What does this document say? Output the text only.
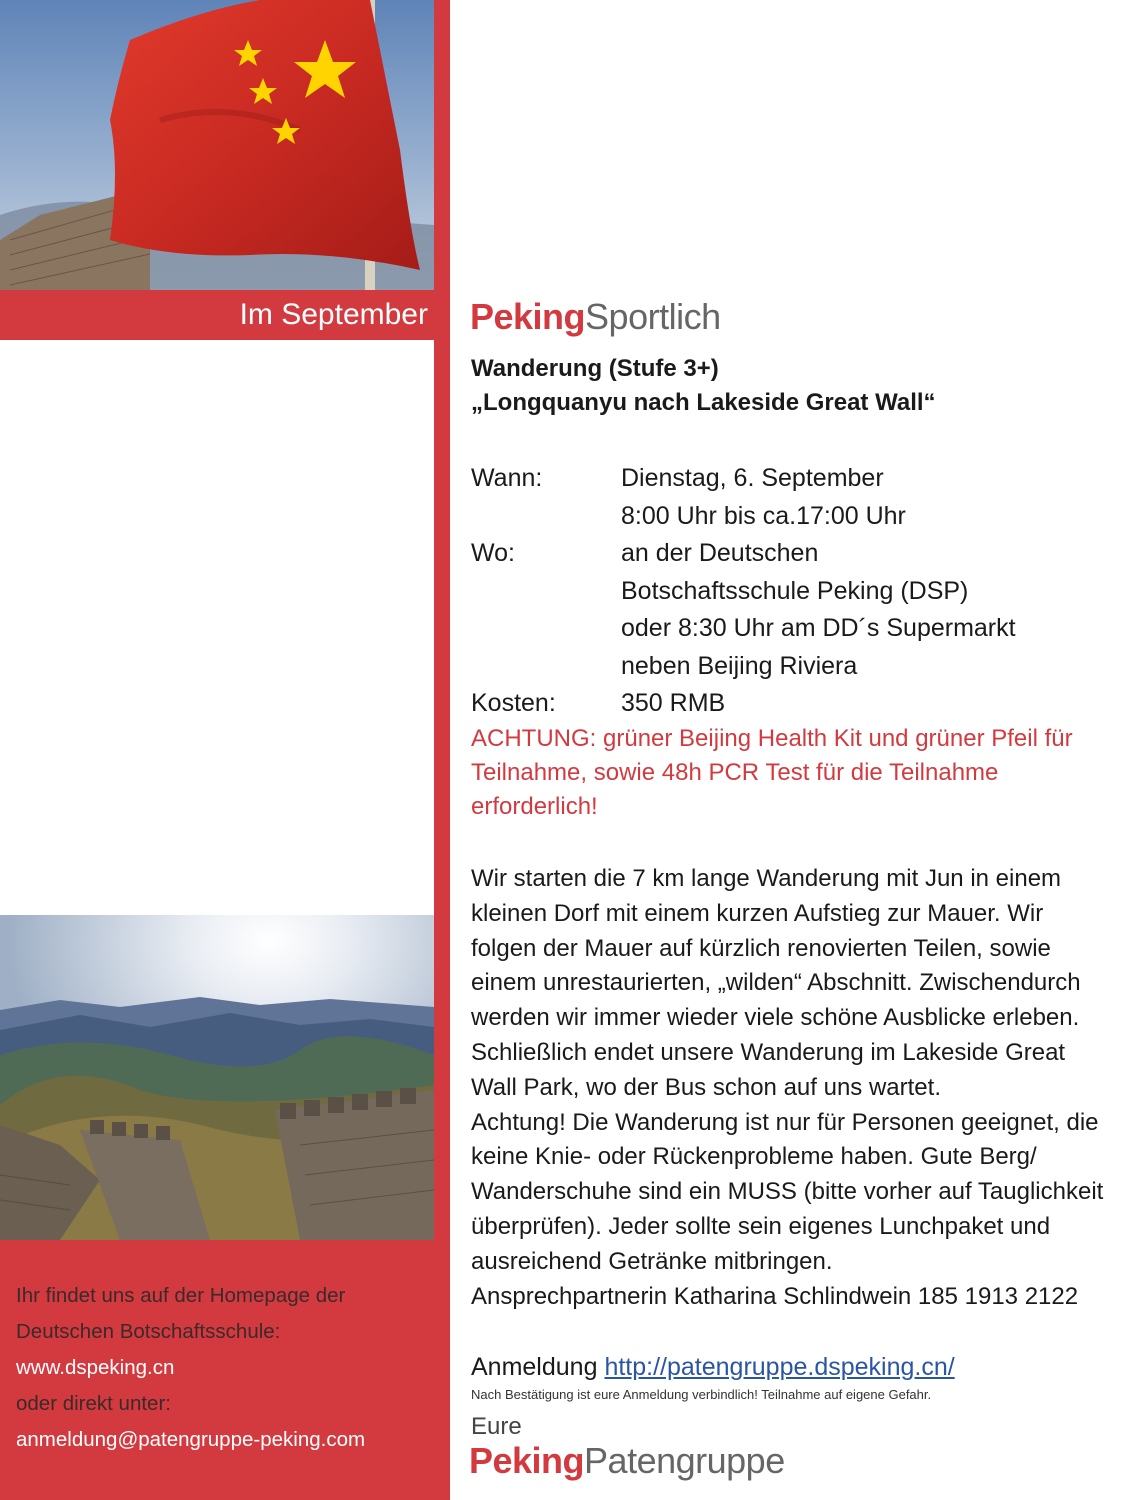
Im September
Ihr findet uns auf der Homepage der
Deutschen Botschaftsschule:
www.dspeking.cn
oder direkt unter:
anmeldung@patengruppe-peking.com
PekingSportlich
Wanderung (Stufe 3+)
„Longquanyu nach Lakeside Great Wall“
Wann:	Dienstag, 6. September
8:00 Uhr bis ca.17:00 Uhr
Wo:	an der Deutschen
Botschaftsschule Peking (DSP)
oder 8:30 Uhr am DD´s Supermarkt
neben Beijing Riviera
Kosten:	350 RMB
ACHTUNG: grüner Beijing Health Kit und grüner Pfeil für Teilnahme, sowie 48h PCR Test für die Teilnahme erforderlich!

Wir starten die 7 km lange Wanderung mit Jun in einem kleinen Dorf mit einem kurzen Aufstieg zur Mauer. Wir folgen der Mauer auf kürzlich renovierten Teilen, sowie einem unrestaurierten, „wilden“ Abschnitt. Zwischendurch werden wir immer wieder viele schöne Ausblicke erleben. Schließlich endet unsere Wanderung im Lakeside Great Wall Park, wo der Bus schon auf uns wartet.

Achtung! Die Wanderung ist nur für Personen geeignet, die keine Knie- oder Rückenprobleme haben. Gute Berg/ Wanderschuhe sind ein MUSS (bitte vorher auf Tauglichkeit überprüfen). Jeder sollte sein eigenes Lunchpaket und ausreichend Getränke mitbringen.

Ansprechpartnerin Katharina Schlindwein 185 1913 2122

Anmeldung http://patengruppe.dspeking.cn/
Nach Bestätigung ist eure Anmeldung verbindlich! Teilnahme auf eigene Gefahr.
Eure
PekingPatengruppe
